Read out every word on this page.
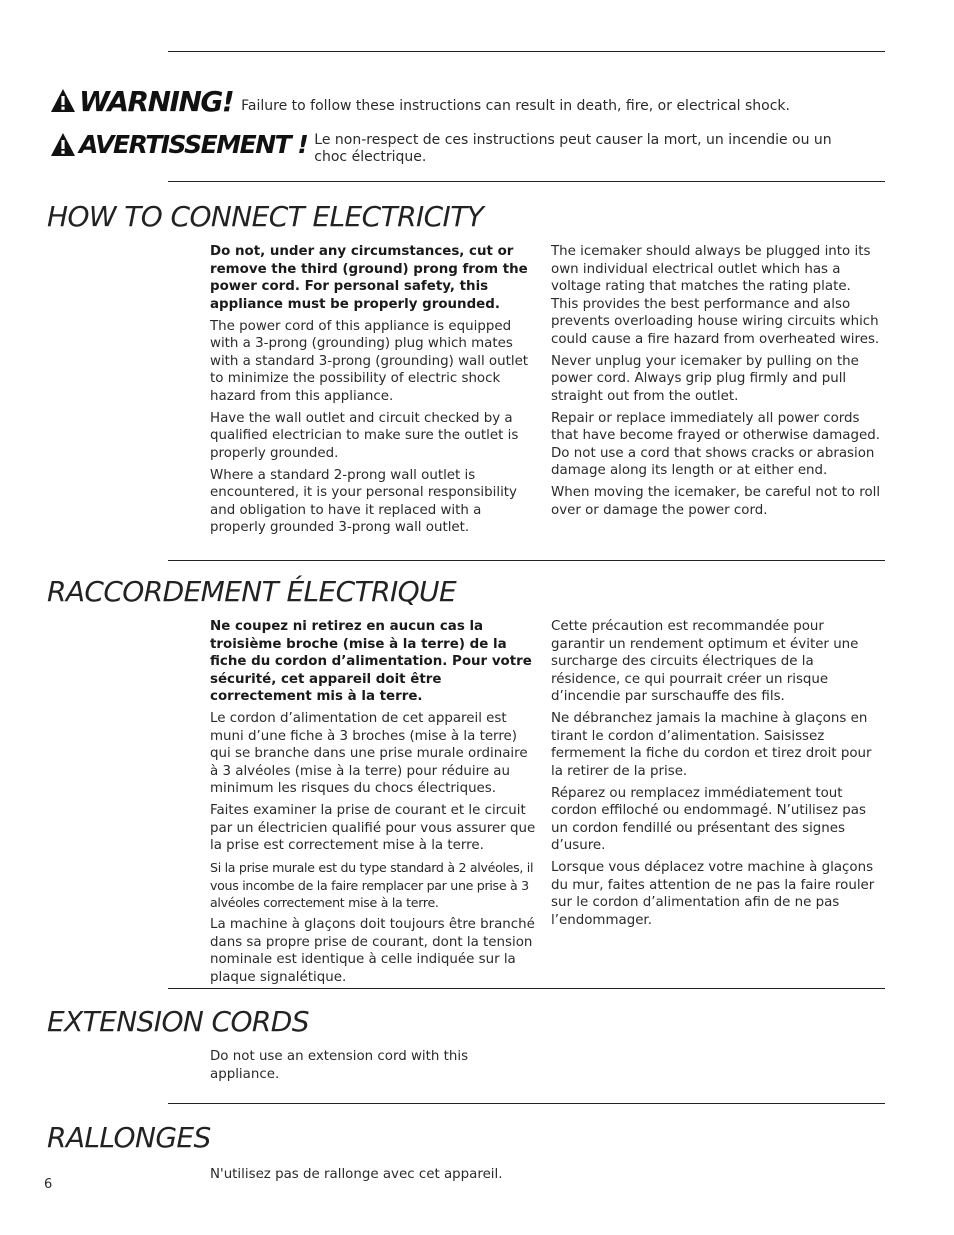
WARNING! Failure to follow these instructions can result in death, fire, or electrical shock.
AVERTISSEMENT ! Le non-respect de ces instructions peut causer la mort, un incendie ou un choc électrique.
HOW TO CONNECT ELECTRICITY

Do not, under any circumstances, cut or remove the third (ground) prong from the power cord. For personal safety, this appliance must be properly grounded.

The power cord of this appliance is equipped with a 3-prong (grounding) plug which mates with a standard 3-prong (grounding) wall outlet to minimize the possibility of electric shock hazard from this appliance.

Have the wall outlet and circuit checked by a qualified electrician to make sure the outlet is properly grounded.

Where a standard 2-prong wall outlet is encountered, it is your personal responsibility and obligation to have it replaced with a properly grounded 3-prong wall outlet.

The icemaker should always be plugged into its own individual electrical outlet which has a voltage rating that matches the rating plate. This provides the best performance and also prevents overloading house wiring circuits which could cause a fire hazard from overheated wires.

Never unplug your icemaker by pulling on the power cord. Always grip plug firmly and pull straight out from the outlet.

Repair or replace immediately all power cords that have become frayed or otherwise damaged. Do not use a cord that shows cracks or abrasion damage along its length or at either end.

When moving the icemaker, be careful not to roll over or damage the power cord.

RACCORDEMENT ÉLECTRIQUE

Ne coupez ni retirez en aucun cas la troisième broche (mise à la terre) de la fiche du cordon d’alimentation. Pour votre sécurité, cet appareil doit être correctement mis à la terre.

Le cordon d’alimentation de cet appareil est muni d’une fiche à 3 broches (mise à la terre) qui se branche dans une prise murale ordinaire à 3 alvéoles (mise à la terre) pour réduire au minimum les risques du chocs électriques.

Faites examiner la prise de courant et le circuit par un électricien qualifié pour vous assurer que la prise est correctement mise à la terre.

Si la prise murale est du type standard à 2 alvéoles, il vous incombe de la faire remplacer par une prise à 3 alvéoles correctement mise à la terre.

La machine à glaçons doit toujours être branché dans sa propre prise de courant, dont la tension nominale est identique à celle indiquée sur la plaque signalétique.

Cette précaution est recommandée pour garantir un rendement optimum et éviter une surcharge des circuits électriques de la résidence, ce qui pourrait créer un risque d’incendie par surschauffe des fils.

Ne débranchez jamais la machine à glaçons en tirant le cordon d’alimentation. Saisissez fermement la fiche du cordon et tirez droit pour la retirer de la prise.

Réparez ou remplacez immédiatement tout cordon effiloché ou endommagé. N’utilisez pas un cordon fendillé ou présentant des signes d’usure.

Lorsque vous déplacez votre machine à glaçons du mur, faites attention de ne pas la faire rouler sur le cordon d’alimentation afin de ne pas l’endommager.

EXTENSION CORDS

Do not use an extension cord with this appliance.

RALLONGES

N'utilisez pas de rallonge avec cet appareil.

6
